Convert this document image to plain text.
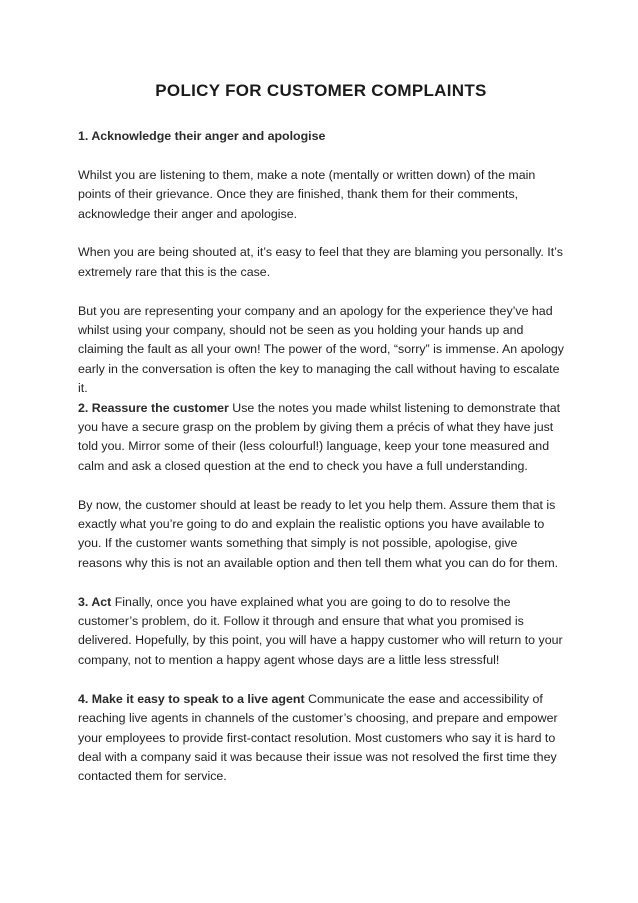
POLICY FOR CUSTOMER COMPLAINTS

1. Acknowledge their anger and apologise

Whilst you are listening to them, make a note (mentally or written down) of the main points of their grievance. Once they are finished, thank them for their comments, acknowledge their anger and apologise.

When you are being shouted at, it’s easy to feel that they are blaming you personally. It’s extremely rare that this is the case.

But you are representing your company and an apology for the experience they’ve had whilst using your company, should not be seen as you holding your hands up and claiming the fault as all your own! The power of the word, “sorry” is immense. An apology early in the conversation is often the key to managing the call without having to escalate it.

2. Reassure the customer Use the notes you made whilst listening to demonstrate that you have a secure grasp on the problem by giving them a précis of what they have just told you. Mirror some of their (less colourful!) language, keep your tone measured and calm and ask a closed question at the end to check you have a full understanding.

By now, the customer should at least be ready to let you help them. Assure them that is exactly what you’re going to do and explain the realistic options you have available to you. If the customer wants something that simply is not possible, apologise, give reasons why this is not an available option and then tell them what you can do for them.

3. Act Finally, once you have explained what you are going to do to resolve the customer’s problem, do it. Follow it through and ensure that what you promised is delivered. Hopefully, by this point, you will have a happy customer who will return to your company, not to mention a happy agent whose days are a little less stressful!

4. Make it easy to speak to a live agent Communicate the ease and accessibility of reaching live agents in channels of the customer’s choosing, and prepare and empower your employees to provide first-contact resolution. Most customers who say it is hard to deal with a company said it was because their issue was not resolved the first time they contacted them for service.
